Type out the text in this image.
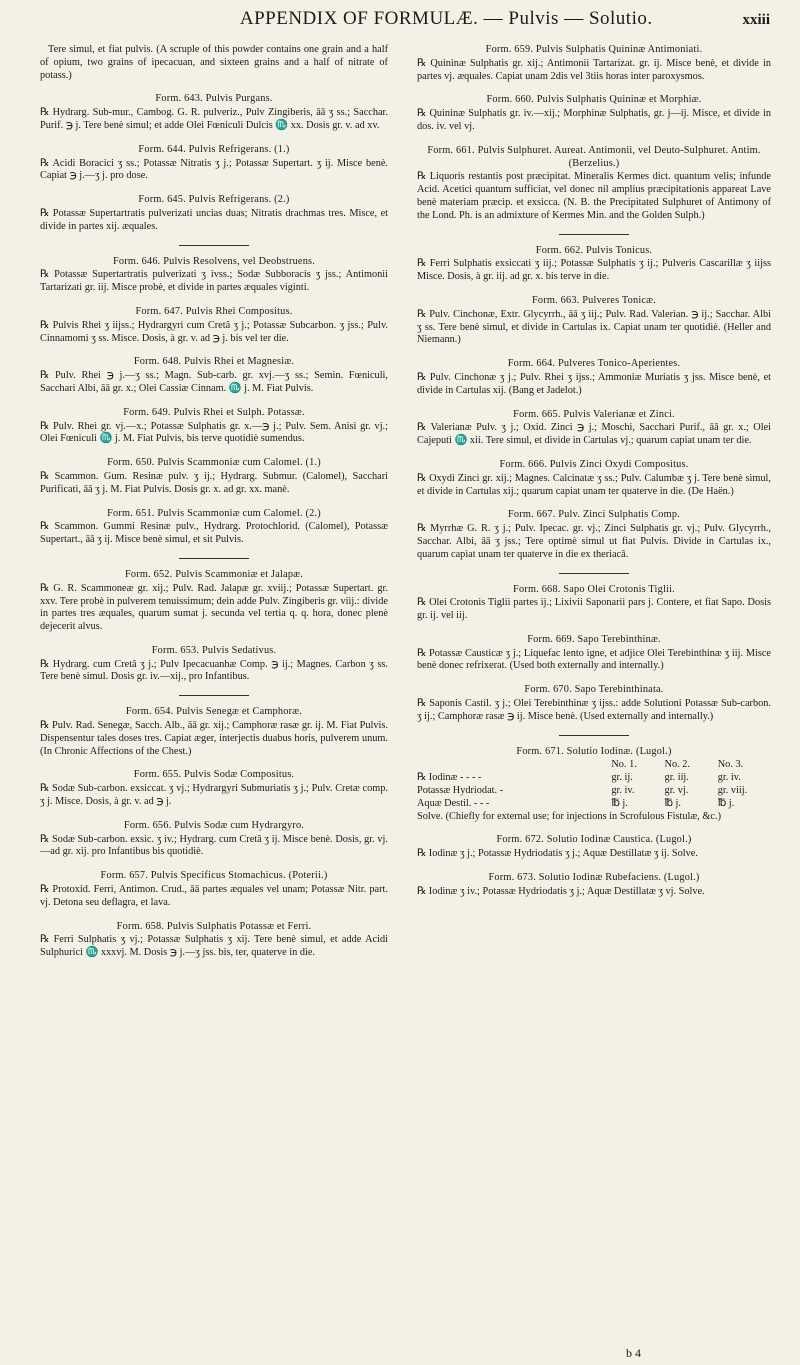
APPENDIX OF FORMULÆ. — Pulvis — Solutio.	xxiii
Tere simul, et fiat pulvis. (A scruple of this powder contains one grain and a half of opium, two grains of ipecacuan, and sixteen grains and a half of nitrate of potass.)
Form. 643. Pulvis Purgans.
℞ Hydrarg. Sub-mur., Cambog. G. R. pulveriz., Pulv Zingiberis, āā ʒ ss.; Sacchar. Purif. ℈ j. Tere benè simul; et adde Olei Fœniculi Dulcis ♏ xx. Dosis gr. v. ad xv.
Form. 644. Pulvis Refrigerans. (1.)
℞ Acidi Boracici ʒ ss.; Potassæ Nitratis ʒ j.; Potassæ Supertart. ʒ ij. Misce benè. Capiat ℈ j.—ʒ j. pro dose.
Form. 645. Pulvis Refrigerans. (2.)
℞ Potassæ Supertartratis pulverizati uncias duas; Nitratis drachmas tres. Misce, et divide in partes xij. æquales.
Form. 646. Pulvis Resolvens, vel Deobstruens.
℞ Potassæ Supertartratis pulverizati ʒ ivss.; Sodæ Subboracis ʒ jss.; Antimonii Tartarizati gr. iij. Misce probè, et divide in partes æquales viginti.
Form. 647. Pulvis Rhei Compositus.
℞ Pulvis Rhei ʒ iijss.; Hydrargyri cum Cretâ ʒ j.; Potassæ Subcarbon. ʒ jss.; Pulv. Cinnamomi ʒ ss. Misce. Dosis, à gr. v. ad ℈ j. bis vel ter die.
Form. 648. Pulvis Rhei et Magnesiæ.
℞ Pulv. Rhei ℈ j.—ʒ ss.; Magn. Sub-carb. gr. xvj.—ʒ ss.; Semin. Fœniculi, Sacchari Albi, āā gr. x.; Olei Cassiæ Cinnam. ♏ j. M. Fiat Pulvis.
Form. 649. Pulvis Rhei et Sulph. Potassæ.
℞ Pulv. Rhei gr. vj.—x.; Potassæ Sulphatis gr. x.—℈ j.; Pulv. Sem. Anisi gr. vj.; Olei Fœniculi ♏ j. M. Fiat Pulvis, bis terve quotidiè sumendus.
Form. 650. Pulvis Scammoniæ cum Calomel. (1.)
℞ Scammon. Gum. Resinæ pulv. ʒ ij.; Hydrarg. Submur. (Calomel), Sacchari Purificati, āā ʒ j. M. Fiat Pulvis. Dosis gr. x. ad gr. xx. manè.
Form. 651. Pulvis Scammoniæ cum Calomel. (2.)
℞ Scammon. Gummi Resinæ pulv., Hydrarg. Protochlorid. (Calomel), Potassæ Supertart., āā ʒ ij. Misce benè simul, et sit Pulvis.
Form. 652. Pulvis Scammoniæ et Jalapæ.
℞ G. R. Scammoneæ gr. xij.; Pulv. Rad. Jalapæ gr. xviij.; Potassæ Supertart. gr. xxv. Tere probè in pulverem tenuissimum; dein adde Pulv. Zingiberis gr. viij.: divide in partes tres æquales, quarum sumat j. secunda vel tertia q. q. hora, donec plenè dejecerit alvus.
Form. 653. Pulvis Sedativus.
℞ Hydrarg. cum Cretâ ʒ j.; Pulv Ipecacuanhæ Comp. ℈ ij.; Magnes. Carbon ʒ ss. Tere benè simul. Dosis gr. iv.—xij., pro Infantibus.
Form. 654. Pulvis Senegæ et Camphoræ.
℞ Pulv. Rad. Senegæ, Sacch. Alb., āā gr. xij.; Camphoræ rasæ gr. ij. M. Fiat Pulvis. Dispensentur tales doses tres. Capiat æger, interjectis duabus horis, pulverem unum. (In Chronic Affections of the Chest.)
Form. 655. Pulvis Sodæ Compositus.
℞ Sodæ Sub-carbon. exsiccat. ʒ vj.; Hydrargyri Submuriatis ʒ j.; Pulv. Cretæ comp. ʒ j. Misce. Dosis, à gr. v. ad ℈ j.
Form. 656. Pulvis Sodæ cum Hydrargyro.
℞ Sodæ Sub-carbon. exsic. ʒ iv.; Hydrarg. cum Cretâ ʒ ij. Misce benè. Dosis, gr. vj.—ad gr. xij. pro Infantibus bis quotidiè.
Form. 657. Pulvis Specificus Stomachicus. (Poterii.)
℞ Protoxid. Ferri, Antimon. Crud., āā partes æquales vel unam; Potassæ Nitr. part. vj. Detona seu deflagra, et lava.
Form. 658. Pulvis Sulphatis Potassæ et Ferri.
℞ Ferri Sulphatis ʒ vj.; Potassæ Sulphatis ʒ xij. Tere benè simul, et adde Acidi Sulphurici ♏ xxxvj. M. Dosis ℈ j.—ʒ jss. bis, ter, quaterve in die.
Form. 659. Pulvis Sulphatis Quininæ Antimoniati.
℞ Quininæ Sulphatis gr. xij.; Antimonii Tartarizat. gr. ij. Misce benè, et divide in partes vj. æquales. Capiat unam 2dis vel 3tiis horas inter paroxysmos.
Form. 660. Pulvis Sulphatis Quininæ et Morphiæ.
℞ Quininæ Sulphatis gr. iv.—xij.; Morphinæ Sulphatis, gr. j—ij. Misce, et divide in dos. iv. vel vj.
Form. 661. Pulvis Sulphuret. Aureat. Antimonii, vel Deuto-Sulphuret. Antim. (Berzelius.)
℞ Liquoris restantis post præcipitat. Mineralis Kermes dict. quantum velis; infunde Acid. Acetici quantum sufficiat, vel donec nil amplius præcipitationis appareat Lave benè materiam præcip. et exsicca. (N. B. the Precipitated Sulphuret of Antimony of the Lond. Ph. is an admixture of Kermes Min. and the Golden Sulph.)
Form. 662. Pulvis Tonicus.
℞ Ferri Sulphatis exsiccati ʒ iij.; Potassæ Sulphatis ʒ ij.; Pulveris Cascarillæ ʒ iijss Misce. Dosis, à gr. iij. ad gr. x. bis terve in die.
Form. 663. Pulveres Tonicæ.
℞ Pulv. Cinchonæ, Extr. Glycyrrh., āā ʒ iij.; Pulv. Rad. Valerian. ℈ ij.; Sacchar. Albi ʒ ss. Tere benè simul, et divide in Cartulas ix. Capiat unam ter quotidiè. (Heller and Niemann.)
Form. 664. Pulveres Tonico-Aperientes.
℞ Pulv. Cinchonæ ʒ j.; Pulv. Rhei ʒ ijss.; Ammoniæ Muriatis ʒ jss. Misce benè, et divide in Cartulas xij. (Bang et Jadelot.)
Form. 665. Pulvis Valerianæ et Zinci.
℞ Valerianæ Pulv. ʒ j.; Oxid. Zinci ℈ j.; Moschi, Sacchari Purif., āā gr. x.; Olei Cajeputi ♏ xii. Tere simul, et divide in Cartulas vj.; quarum capiat unam ter die.
Form. 666. Pulvis Zinci Oxydi Compositus.
℞ Oxydi Zinci gr. xij.; Magnes. Calcinatæ ʒ ss.; Pulv. Calumbæ ʒ j. Tere benè simul, et divide in Cartulas xij.; quarum capiat unam ter quaterve in die. (De Haën.)
Form. 667. Pulv. Zinci Sulphatis Comp.
℞ Myrrhæ G. R. ʒ j.; Pulv. Ipecac. gr. vj.; Zinci Sulphatis gr. vj.; Pulv. Glycyrrh., Sacchar. Albi, āā ʒ jss.; Tere optimè simul ut fiat Pulvis. Divide in Cartulas ix., quarum capiat unam ter quaterve in die ex theriacâ.
Form. 668. Sapo Olei Crotonis Tiglii.
℞ Olei Crotonis Tiglii partes ij.; Lixivii Saponarii pars j. Contere, et fiat Sapo. Dosis gr. ij. vel iij.
Form. 669. Sapo Terebinthinæ.
℞ Potassæ Causticæ ʒ j.; Liquefac lento igne, et adjice Olei Terebinthinæ ʒ iij. Misce benè donec refrixerat. (Used both externally and internally.)
Form. 670. Sapo Terebinthinata.
℞ Saponis Castil. ʒ j.; Olei Terebinthinæ ʒ ijss.: adde Solutioni Potassæ Sub-carbon. ʒ ij.; Camphoræ rasæ ℈ ij. Misce benè. (Used externally and internally.)
Form. 671. Solutio Iodinæ. (Lugol.)
	No. 1.	No. 2.	No. 3.
℞ Iodinæ - - - -	gr. ij.	gr. iij.	gr. iv.
Potassæ Hydriodat. -	gr. iv.	gr. vj.	gr. viij.
Aquæ Destil. - - -	℔ j.	℔ j.	℔ j.
Solve. (Chiefly for external use; for injections in Scrofulous Fistulæ, &c.)
Form. 672. Solutio Iodinæ Caustica. (Lugol.)
℞ Iodinæ ʒ j.; Potassæ Hydriodatis ʒ j.; Aquæ Destillatæ ʒ ij. Solve.
Form. 673. Solutio Iodinæ Rubefaciens. (Lugol.)
℞ Iodinæ ʒ iv.; Potassæ Hydriodatis ʒ j.; Aquæ Destillatæ ʒ vj. Solve.
b 4
